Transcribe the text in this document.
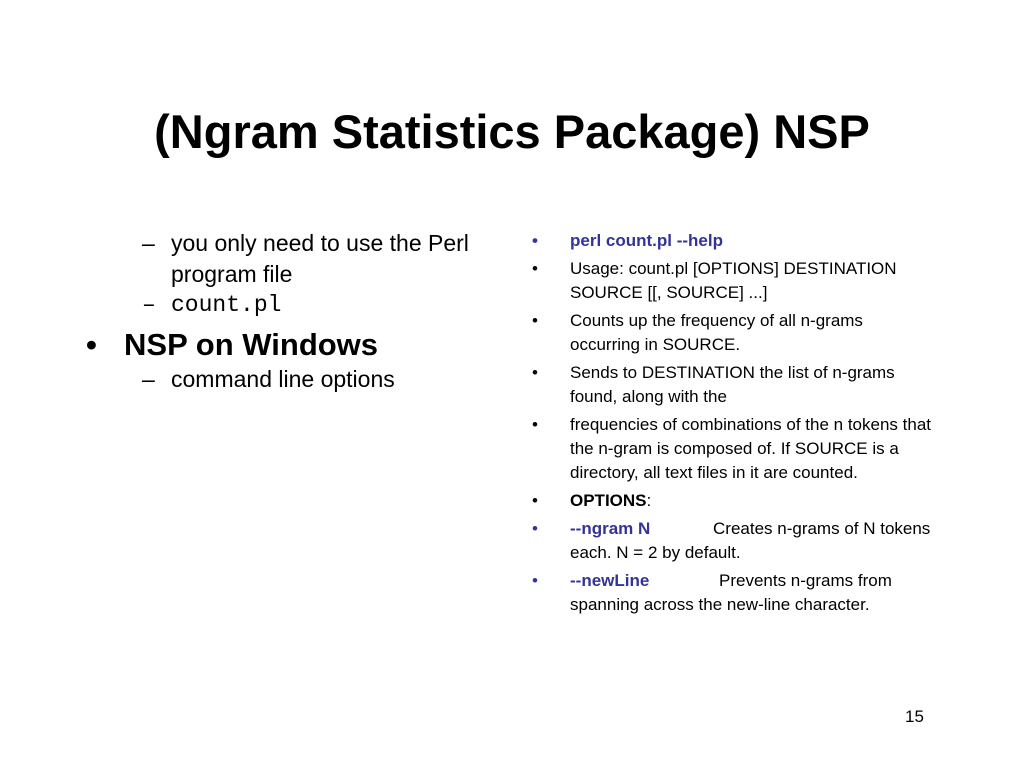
(Ngram Statistics Package) NSP
– you only need to use the Perl program file
– count.pl
• NSP on Windows
– command line options
• perl count.pl --help
• Usage: count.pl [OPTIONS] DESTINATION SOURCE [[, SOURCE] ...]
• Counts up the frequency of all n-grams occurring in SOURCE.
• Sends to DESTINATION the list of n-grams found, along with the
• frequencies of combinations of the n tokens that the n-gram is composed of. If SOURCE is a directory, all text files in it are counted.
• OPTIONS:
• --ngram N	Creates n-grams of N tokens each. N = 2 by default.
• --newLine	Prevents n-grams from spanning across the new-line character.
15
